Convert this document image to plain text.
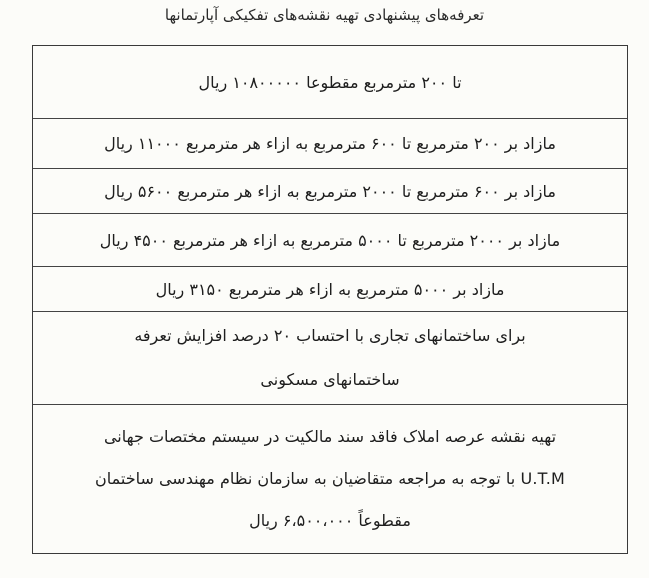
تعرفه‌های پیشنهادی تهیه نقشه‌های تفکیکی آپارتمانها
تا ۲۰۰ مترمربع مقطوعا ۱۰۸۰۰۰۰۰ ریال
مازاد بر ۲۰۰ مترمربع تا ۶۰۰ مترمربع به ازاء هر مترمربع ۱۱۰۰۰ ریال
مازاد بر ۶۰۰ مترمربع تا ۲۰۰۰ مترمربع به ازاء هر مترمربع ۵۶۰۰ ریال
مازاد بر ۲۰۰۰ مترمربع تا ۵۰۰۰ مترمربع به ازاء هر مترمربع ۴۵۰۰ ریال
مازاد بر ۵۰۰۰ مترمربع به ازاء هر مترمربع ۳۱۵۰ ریال
برای ساختمانهای تجاری با احتساب ۲۰ درصد افزایش تعرفه
ساختمانهای مسکونی
تهیه نقشه عرصه املاک فاقد سند مالکیت در سیستم مختصات جهانی
U.T.M با توجه به مراجعه متقاضیان به سازمان نظام مهندسی ساختمان
مقطوعاً ۶،۵۰۰،۰۰۰ ریال
